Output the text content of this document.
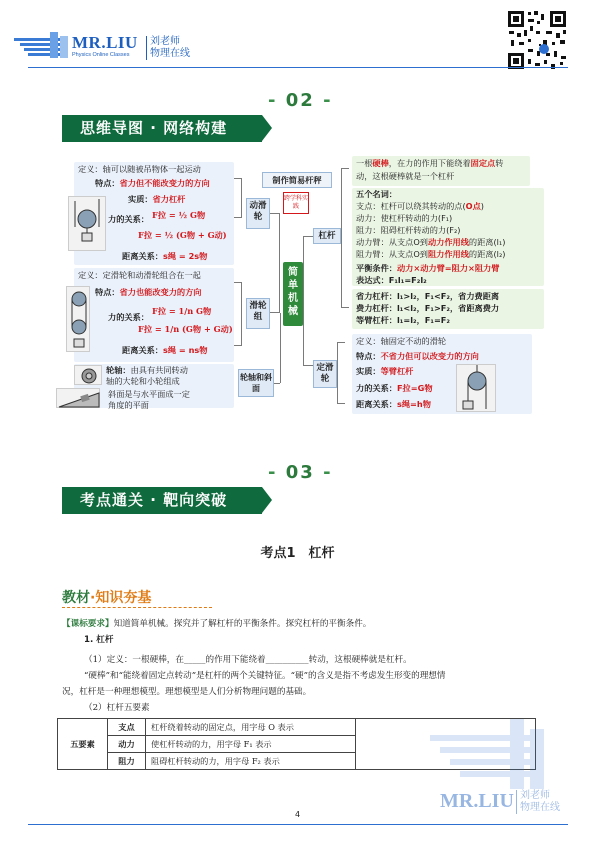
MR.LIU
Physics Online Classes
刘老师
物理在线
- 02 -
思维导图 · 网络构建
定义：轴可以随被吊物体一起运动
特点：省力但不能改变力的方向
实质：省力杠杆
力的关系： F拉 = ½ G物
F拉 = ½ (G物 + G动)
距离关系：s绳 = 2s物
动滑轮
定义：定滑轮和动滑轮组合在一起
特点：省力也能改变力的方向
力的关系：
F拉 = 1/n G物
F拉 = 1/n (G物 + G动)
距离关系：s绳 = ns物
滑轮组
轮轴：由具有共同转动
轴的大轮和小轮组成
斜面是与水平面成一定
角度的平面
轮轴和斜面
简
单
机
械
制作简易杆秤
跨学科实践
杠杆
一根硬棒，在力的作用下能绕着固定点转
动，这根硬棒就是一个杠杆
五个名词：
支点：杠杆可以绕其转动的点(O点)
动力：使杠杆转动的力(F₁)
阻力：阻碍杠杆转动的力(F₂)
动力臂：从支点O到动力作用线的距离(l₁)
阻力臂：从支点O到阻力作用线的距离(l₂)
平衡条件：动力×动力臂=阻力×阻力臂
表达式：F₁l₁=F₂l₂
省力杠杆：l₁>l₂，F₁<F₂，省力费距离
费力杠杆：l₁<l₂，F₁>F₂，省距离费力
等臂杠杆：l₁=l₂，F₁=F₂
定滑轮
定义：轴固定不动的滑轮
特点：不省力但可以改变力的方向
实质：等臂杠杆
力的关系：F拉=G物
距离关系：s绳=h物
- 03 -
考点通关 · 靶向突破
考点1　杠杆
教材·知识夯基
【课标要求】知道简单机械。探究并了解杠杆的平衡条件。探究杠杆的平衡条件。
1. 杠杆
（1）定义：一根硬棒，在_____的作用下能绕着__________转动，这根硬棒就是杠杆。
“硬棒”和“能绕着固定点转动”是杠杆的两个关键特征。“硬”的含义是指不考虑发生形变的理想情
况，杠杆是一种理想模型。理想模型是人们分析物理问题的基础。
（2）杠杆五要素
五要素	支点	杠杆绕着转动的固定点，用字母 O 表示	
	动力	使杠杆转动的力，用字母 F₁ 表示	
	阻力	阻碍杠杆转动的力，用字母 F₂ 表示	
MR.LIU 刘老师
物理在线
4
